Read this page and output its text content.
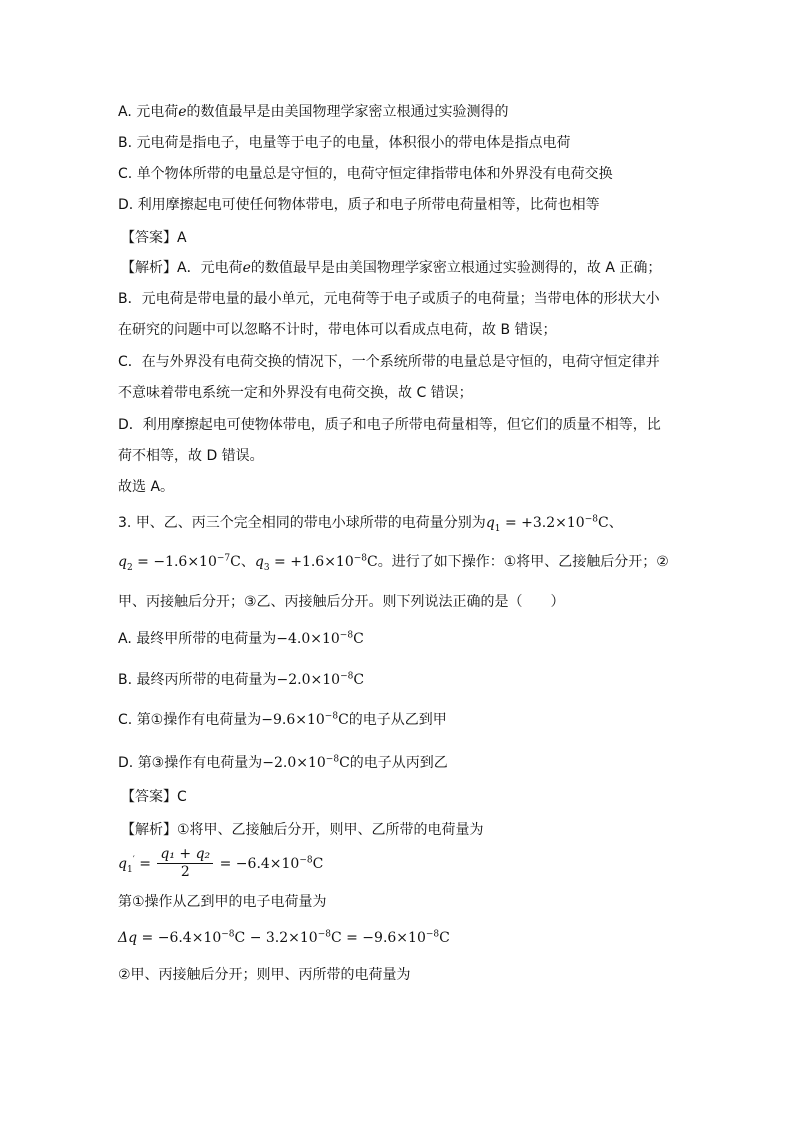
A. 元电荷e的数值最早是由美国物理学家密立根通过实验测得的
B. 元电荷是指电子，电量等于电子的电量，体积很小的带电体是指点电荷
C. 单个物体所带的电量总是守恒的，电荷守恒定律指带电体和外界没有电荷交换
D. 利用摩擦起电可使任何物体带电，质子和电子所带电荷量相等，比荷也相等
【答案】A
【解析】A．元电荷e的数值最早是由美国物理学家密立根通过实验测得的，故 A 正确；
B．元电荷是带电量的最小单元，元电荷等于电子或质子的电荷量；当带电体的形状大小
在研究的问题中可以忽略不计时，带电体可以看成点电荷，故 B 错误；
C．在与外界没有电荷交换的情况下，一个系统所带的电量总是守恒的，电荷守恒定律并
不意味着带电系统一定和外界没有电荷交换，故 C 错误；
D．利用摩擦起电可使物体带电，质子和电子所带电荷量相等，但它们的质量不相等，比
荷不相等，故 D 错误。
故选 A。
3. 甲、乙、丙三个完全相同的带电小球所带的电荷量分别为$q_1 = +3.2\times 10^{-8}C$、
$q_2 = -1.6\times 10^{-7}C$、$q_3 = +1.6\times 10^{-8}C$。进行了如下操作：①将甲、乙接触后分开；②
甲、丙接触后分开；③乙、丙接触后分开。则下列说法正确的是（　　）
A. 最终甲所带的电荷量为$-4.0\times 10^{-8}C$
B. 最终丙所带的电荷量为$-2.0\times 10^{-8}C$
C. 第①操作有电荷量为$-9.6\times 10^{-8}C$的电子从乙到甲
D. 第③操作有电荷量为$-2.0\times 10^{-8}C$的电子从丙到乙
【答案】C
【解析】①将甲、乙接触后分开，则甲、乙所带的电荷量为
$q_1' = \frac{\text{q₁ + q₂}}{2} = -6.4\times 10^{-8}C$
第①操作从乙到甲的电子电荷量为
$\Delta q = -6.4\times 10^{-8}C - 3.2\times 10^{-8}C = -9.6\times 10^{-8}C$
②甲、丙接触后分开；则甲、丙所带的电荷量为
